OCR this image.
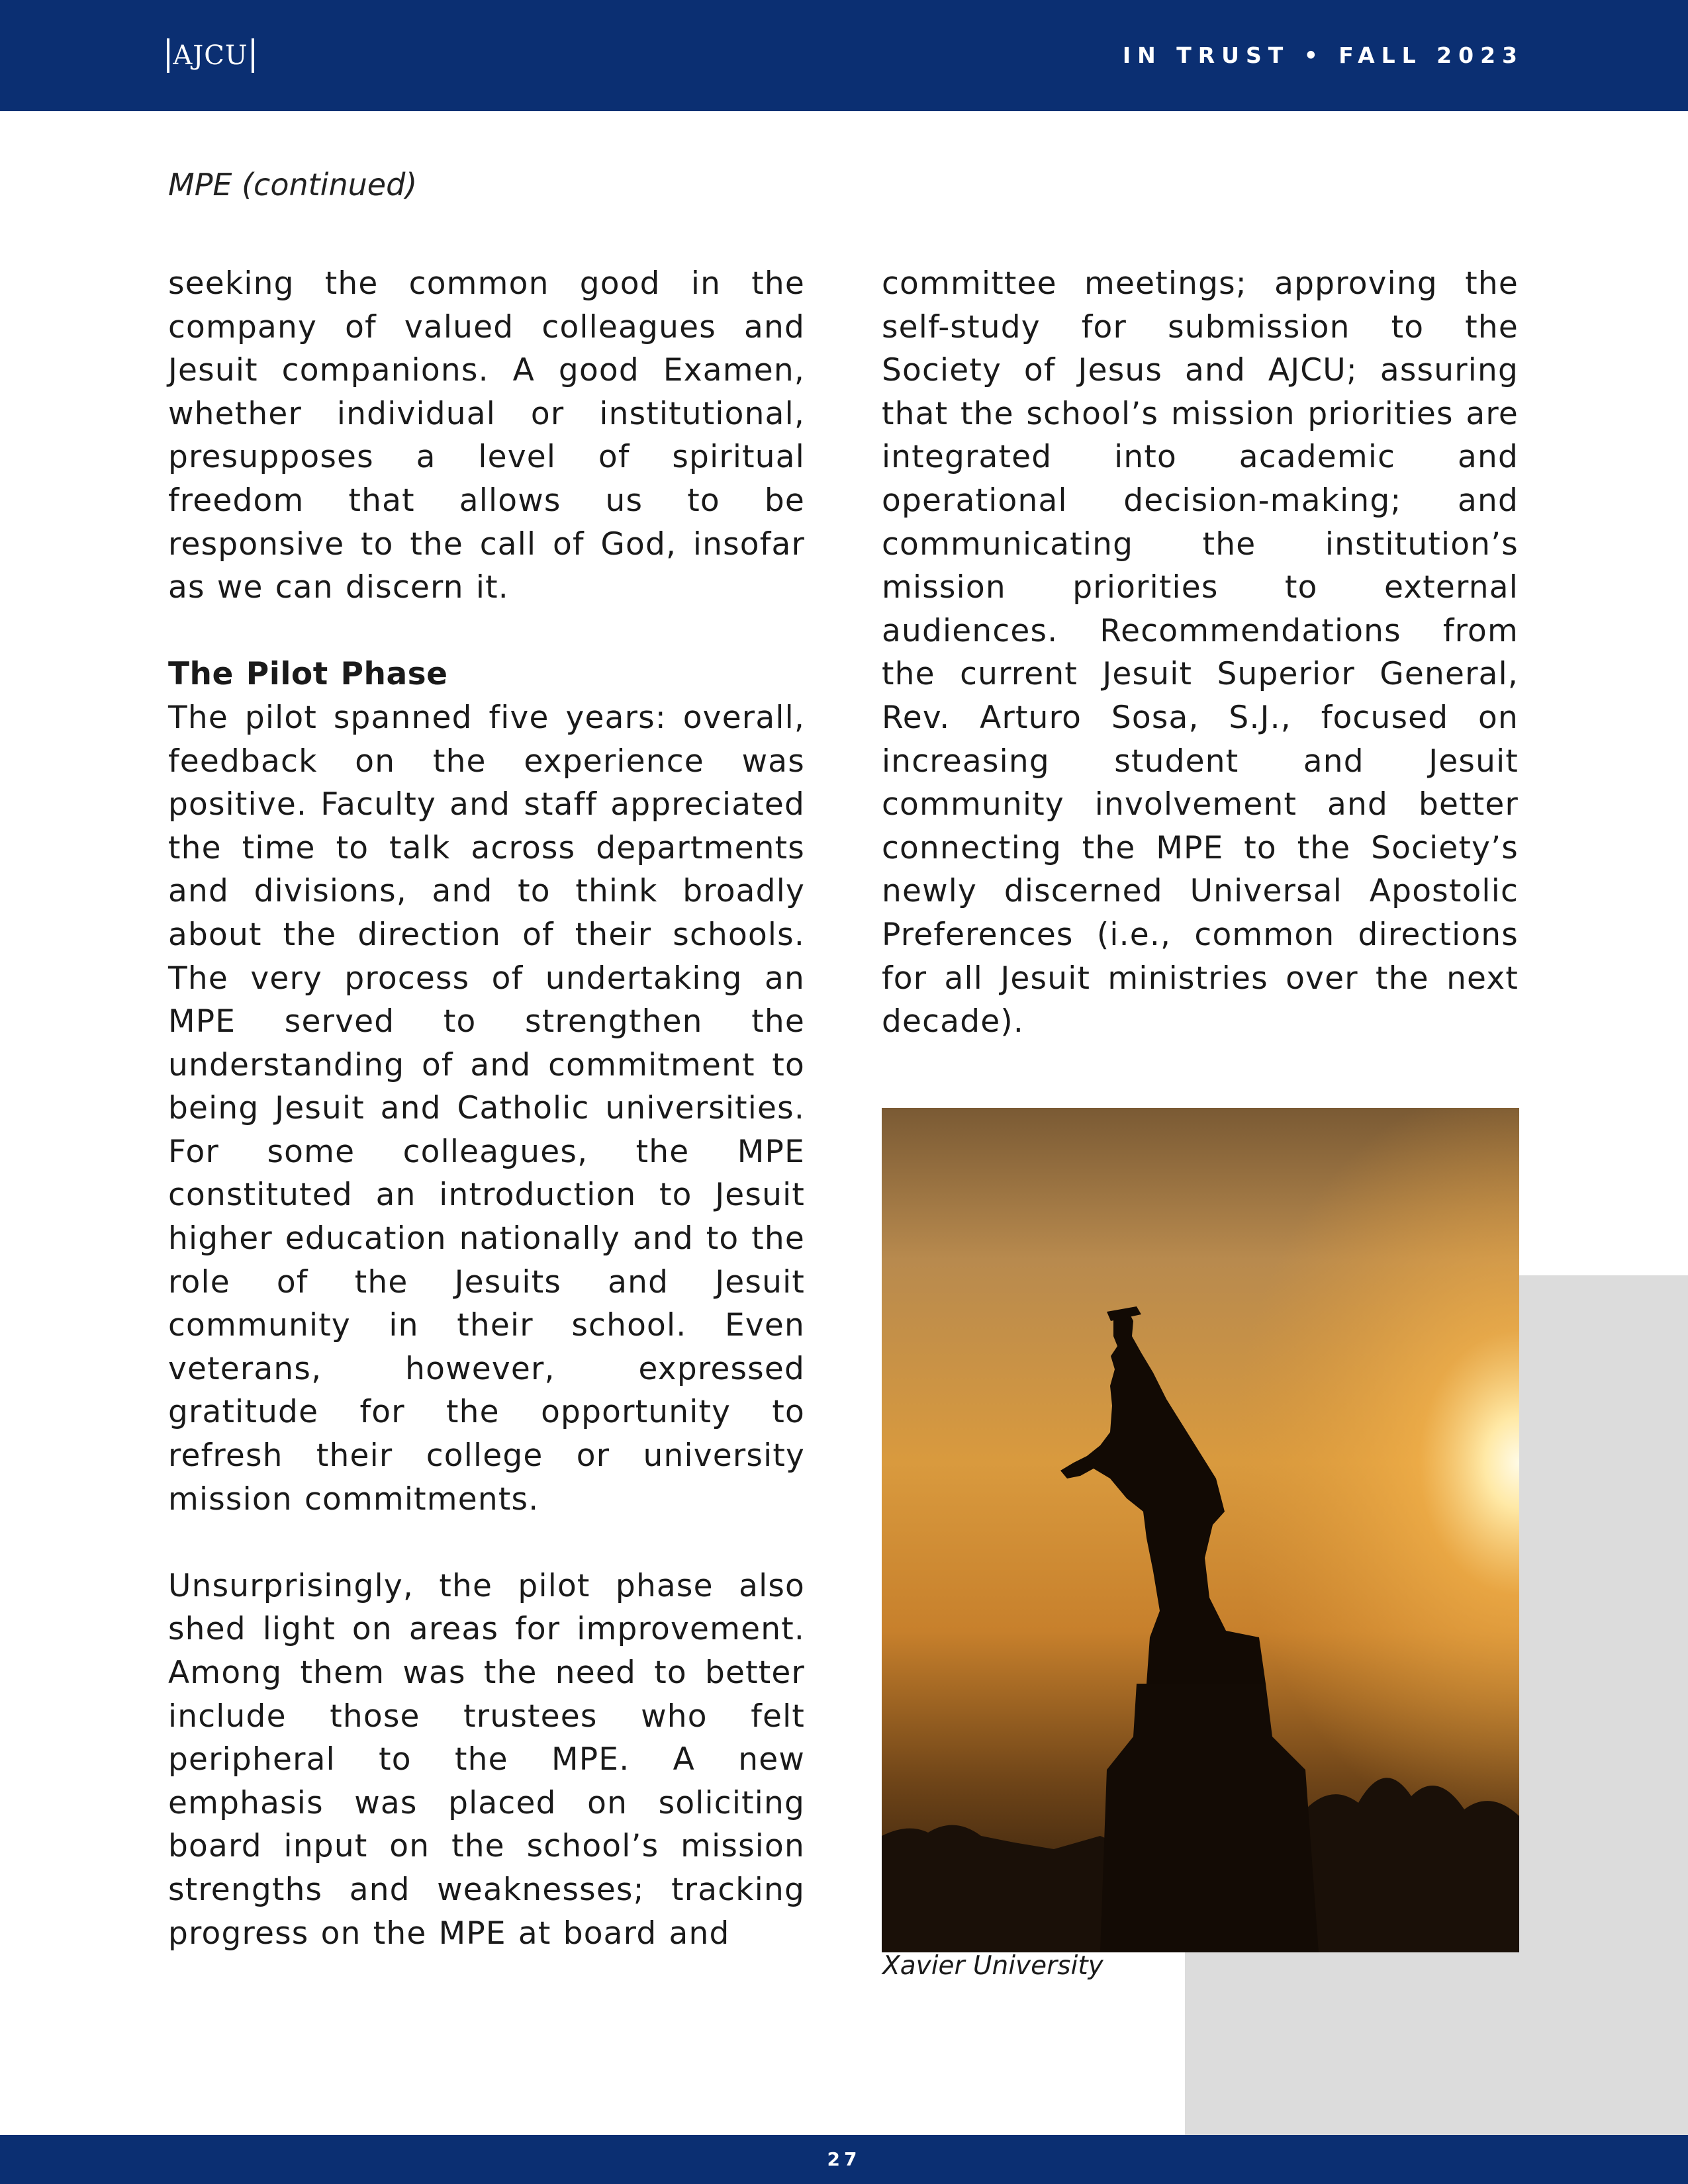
AJCU	IN TRUST • FALL 2023
MPE (continued)

seeking the common good in the company of valued colleagues and Jesuit companions. A good Examen, whether individual or institutional, presupposes a level of spiritual freedom that allows us to be responsive to the call of God, insofar as we can discern it.

The Pilot Phase

The pilot spanned five years: overall, feedback on the experience was positive. Faculty and staff appreciated the time to talk across departments and divisions, and to think broadly about the direction of their schools. The very process of undertaking an MPE served to strengthen the understanding of and commitment to being Jesuit and Catholic universities. For some colleagues, the MPE constituted an introduction to Jesuit higher education nationally and to the role of the Jesuits and Jesuit community in their school. Even veterans, however, expressed gratitude for the opportunity to refresh their college or university mission commitments.

Unsurprisingly, the pilot phase also shed light on areas for improvement. Among them was the need to better include those trustees who felt peripheral to the MPE. A new emphasis was placed on soliciting board input on the school’s mission strengths and weaknesses; tracking progress on the MPE at board and

committee meetings; approving the self-study for submission to the Society of Jesus and AJCU; assuring that the school’s mission priorities are integrated into academic and operational decision-making; and communicating the institution’s mission priorities to external audiences. Recommendations from the current Jesuit Superior General, Rev. Arturo Sosa, S.J., focused on increasing student and Jesuit community involvement and better connecting the MPE to the Society’s newly discerned Universal Apostolic Preferences (i.e., common directions for all Jesuit ministries over the next decade).

Xavier University
27
